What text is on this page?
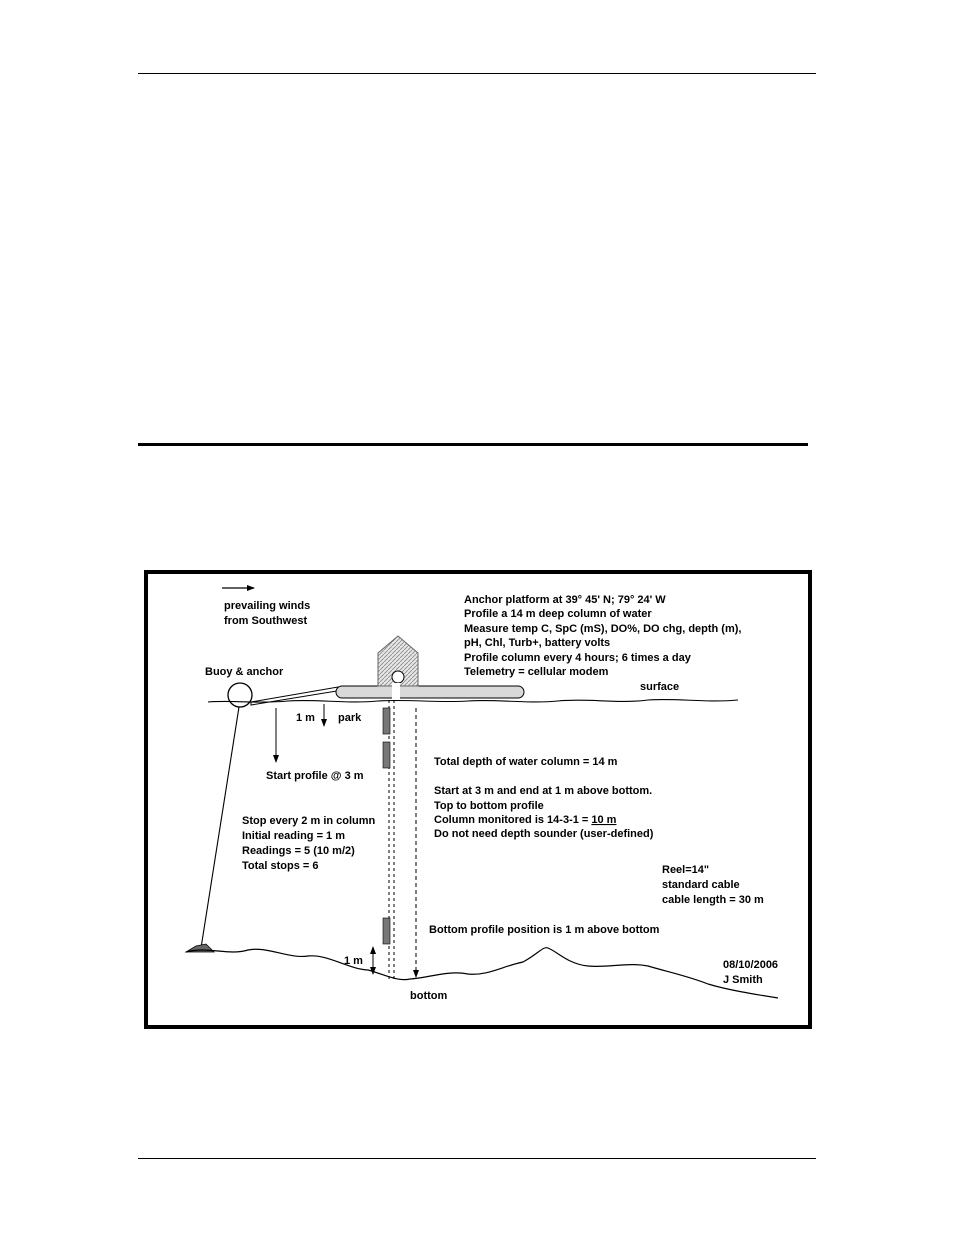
prevailing winds
from Southwest
Anchor platform at 39° 45' N; 79° 24' W
Profile a 14 m deep column of water
Measure temp C, SpC (mS), DO%, DO chg, depth (m),
pH, Chl, Turb+, battery volts
Profile column every 4 hours; 6 times a day
Telemetry = cellular modem
Buoy & anchor
surface
1 m park
Start profile @ 3 m
Total depth of water column = 14 m
Start at 3 m and end at 1 m above bottom.
Top to bottom profile
Column monitored is 14-3-1 = 10 m
Do not need depth sounder (user-defined)
Stop every 2 m in column
Initial reading = 1 m
Readings = 5 (10 m/2)
Total stops = 6	Reel=14"
standard cable
cable length = 30 m
Bottom profile position is 1 m above bottom
1 m
bottom
08/10/2006
J Smith
